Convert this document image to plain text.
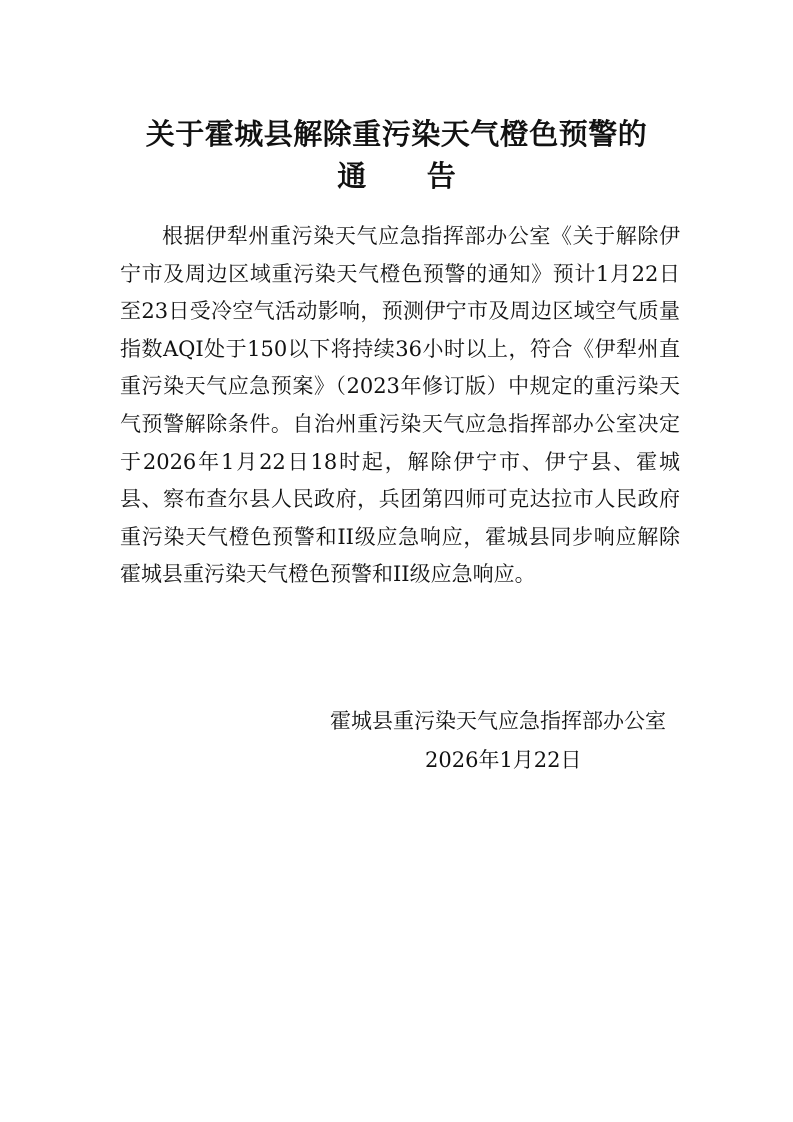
关于霍城县解除重污染天气橙色预警的
通      告
根据伊犁州重污染天气应急指挥部办公室《关于解除伊宁市及周边区域重污染天气橙色预警的通知》预计1月22日至23日受冷空气活动影响，预测伊宁市及周边区域空气质量指数AQI处于150以下将持续36小时以上，符合《伊犁州直重污染天气应急预案》（2023年修订版）中规定的重污染天气预警解除条件。自治州重污染天气应急指挥部办公室决定于2026年1月22日18时起，解除伊宁市、伊宁县、霍城县、察布查尔县人民政府，兵团第四师可克达拉市人民政府重污染天气橙色预警和II级应急响应，霍城县同步响应解除霍城县重污染天气橙色预警和II级应急响应。
霍城县重污染天气应急指挥部办公室
2026年1月22日
